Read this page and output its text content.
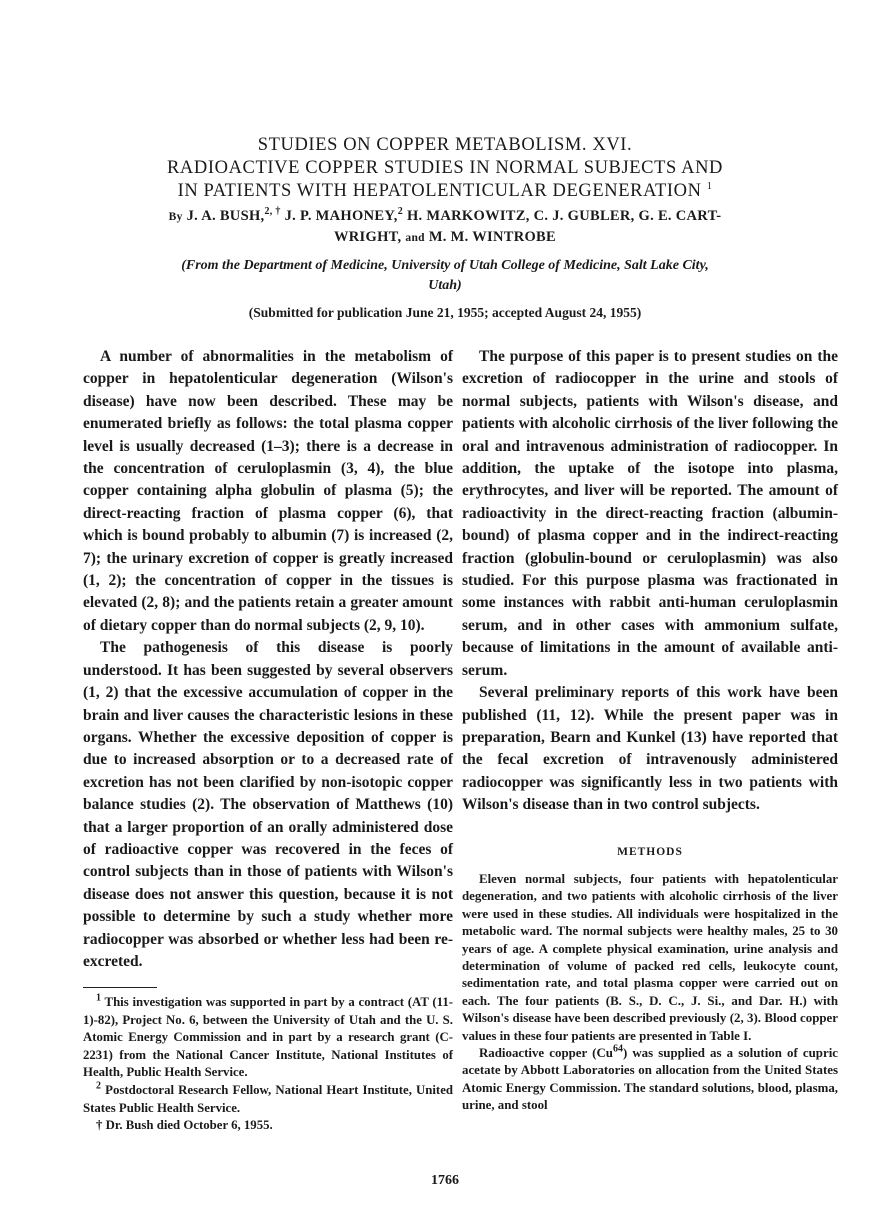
STUDIES ON COPPER METABOLISM. XVI.
RADIOACTIVE COPPER STUDIES IN NORMAL SUBJECTS AND
IN PATIENTS WITH HEPATOLENTICULAR DEGENERATION $^1$
By J. A. BUSH,$^{2, \dagger}$ J. P. MAHONEY,$^2$ H. MARKOWITZ, C. J. GUBLER, G. E. CART-
WRIGHT, and M. M. WINTROBE
(From the Department of Medicine, University of Utah College of Medicine, Salt Lake City,
Utah)
(Submitted for publication June 21, 1955; accepted August 24, 1955)

A number of abnormalities in the metabolism of copper in hepatolenticular degeneration (Wilson's disease) have now been described. These may be enumerated briefly as follows: the total plasma copper level is usually decreased (1–3); there is a decrease in the concentration of ceruloplasmin (3, 4), the blue copper containing alpha globulin of plasma (5); the direct-reacting fraction of plasma copper (6), that which is bound probably to albumin (7) is increased (2, 7); the urinary excretion of copper is greatly increased (1, 2); the concentration of copper in the tissues is elevated (2, 8); and the patients retain a greater amount of dietary copper than do normal subjects (2, 9, 10).

The pathogenesis of this disease is poorly understood. It has been suggested by several observers (1, 2) that the excessive accumulation of copper in the brain and liver causes the characteristic lesions in these organs. Whether the excessive deposition of copper is due to increased absorption or to a decreased rate of excretion has not been clarified by non-isotopic copper balance studies (2). The observation of Matthews (10) that a larger proportion of an orally administered dose of radioactive copper was recovered in the feces of control subjects than in those of patients with Wilson's disease does not answer this question, because it is not possible to determine by such a study whether more radiocopper was absorbed or whether less had been re-excreted.

$^1$ This investigation was supported in part by a contract (AT (11-1)-82), Project No. 6, between the University of Utah and the U. S. Atomic Energy Commission and in part by a research grant (C-2231) from the National Cancer Institute, National Institutes of Health, Public Health Service.

$^2$ Postdoctoral Research Fellow, National Heart Institute, United States Public Health Service.

† Dr. Bush died October 6, 1955.

The purpose of this paper is to present studies on the excretion of radiocopper in the urine and stools of normal subjects, patients with Wilson's disease, and patients with alcoholic cirrhosis of the liver following the oral and intravenous administration of radiocopper. In addition, the uptake of the isotope into plasma, erythrocytes, and liver will be reported. The amount of radioactivity in the direct-reacting fraction (albumin-bound) of plasma copper and in the indirect-reacting fraction (globulin-bound or ceruloplasmin) was also studied. For this purpose plasma was fractionated in some instances with rabbit anti-human ceruloplasmin serum, and in other cases with ammonium sulfate, because of limitations in the amount of available anti-serum.

Several preliminary reports of this work have been published (11, 12). While the present paper was in preparation, Bearn and Kunkel (13) have reported that the fecal excretion of intravenously administered radiocopper was significantly less in two patients with Wilson's disease than in two control subjects.

METHODS

Eleven normal subjects, four patients with hepatolenticular degeneration, and two patients with alcoholic cirrhosis of the liver were used in these studies. All individuals were hospitalized in the metabolic ward. The normal subjects were healthy males, 25 to 30 years of age. A complete physical examination, urine analysis and determination of volume of packed red cells, leukocyte count, sedimentation rate, and total plasma copper were carried out on each. The four patients (B. S., D. C., J. Si., and Dar. H.) with Wilson's disease have been described previously (2, 3). Blood copper values in these four patients are presented in Table I.

Radioactive copper (Cu$^{64}$) was supplied as a solution of cupric acetate by Abbott Laboratories on allocation from the United States Atomic Energy Commission. The standard solutions, blood, plasma, urine, and stool

1766
